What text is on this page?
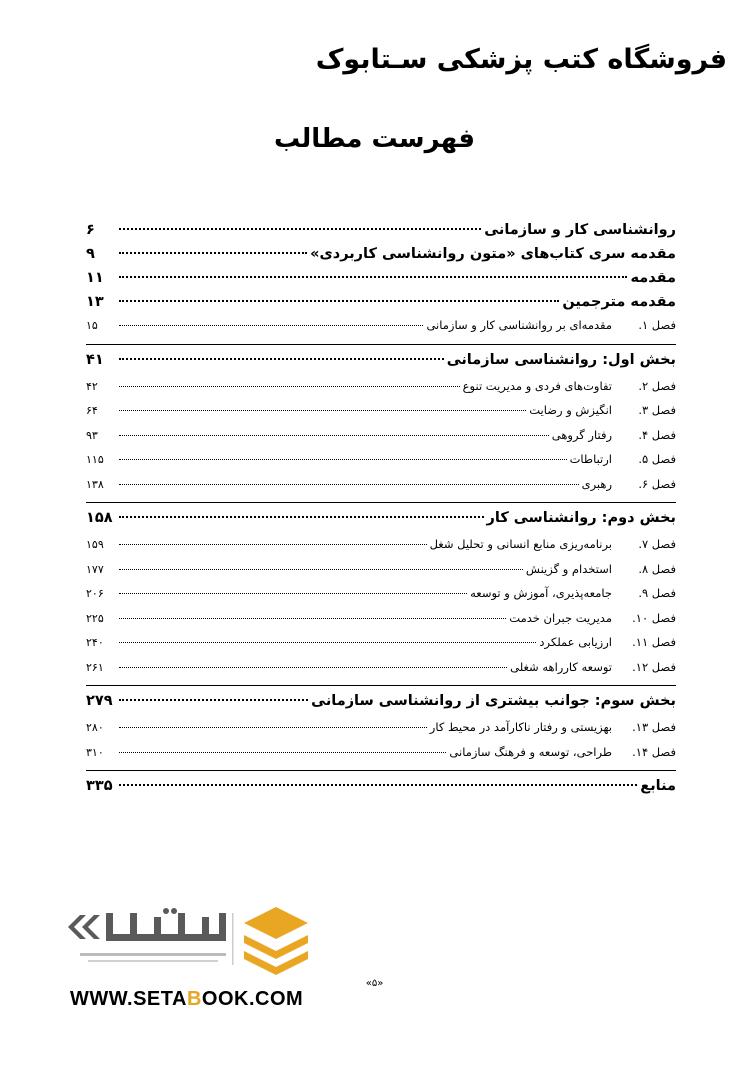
فروشگاه کتب پزشکی سـتابوک
فهرست مطالب
روانشناسی کار و سازمانی
۶
مقدمه سری کتاب‌های «متون روانشناسی کاربردی»
۹
مقدمه
۱۱
مقدمه مترجمین
۱۳
فصل ۱.
مقدمه‌ای بر روانشناسی کار و سازمانی
۱۵
بخش اول: روانشناسی سازمانی
۴۱
فصل ۲.
تفاوت‌های فردی و مدیریت تنوع
۴۲
فصل ۳.
انگیزش و رضایت
۶۴
فصل ۴.
رفتار گروهی
۹۳
فصل ۵.
ارتباطات
۱۱۵
فصل ۶.
رهبری
۱۳۸
بخش دوم: روانشناسی کار
۱۵۸
فصل ۷.
برنامه‌ریزی منابع انسانی و تحلیل شغل
۱۵۹
فصل ۸.
استخدام و گزینش
۱۷۷
فصل ۹.
جامعه‌پذیری، آموزش و توسعه
۲۰۶
فصل ۱۰.
مدیریت جبران خدمت
۲۲۵
فصل ۱۱.
ارزیابی عملکرد
۲۴۰
فصل ۱۲.
توسعه کارراهه شغلی
۲۶۱
بخش سوم: جوانب بیشتری از روانشناسی سازمانی
۲۷۹
فصل ۱۳.
بهزیستی و رفتار ناکارآمد در محیط کار
۲۸۰
فصل ۱۴.
طراحی، توسعه و فرهنگ سازمانی
۳۱۰
منابع
۳۳۵
WWW.SETABOOK.COM
«۵»
